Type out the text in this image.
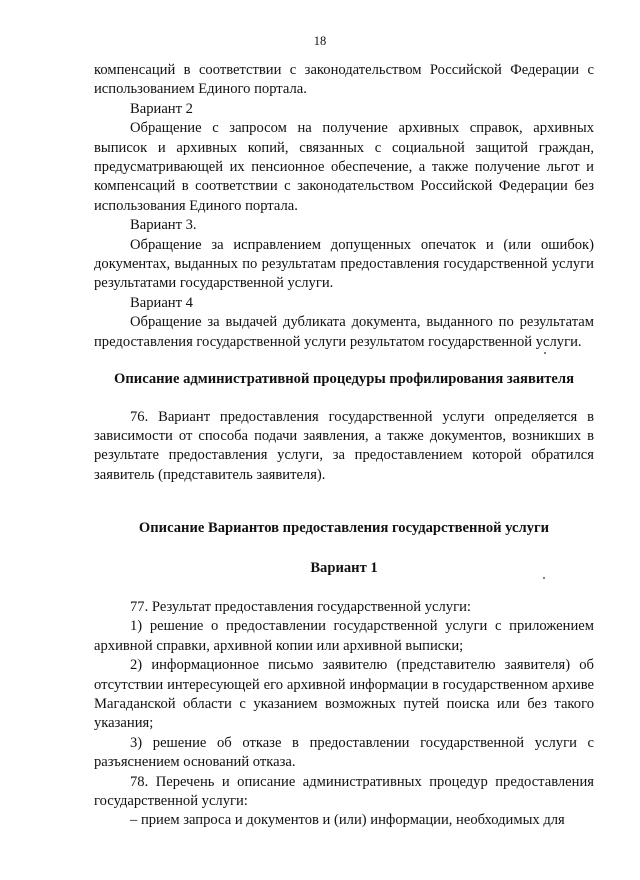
18

компенсаций в соответствии с законодательством Российской Федерации с использованием Единого портала.

Вариант 2

Обращение с запросом на получение архивных справок, архивных выписок и архивных копий, связанных с социальной защитой граждан, предусматривающей их пенсионное обеспечение, а также получение льгот и компенсаций в соответствии с законодательством Российской Федерации без использования Единого портала.

Вариант 3.

Обращение за исправлением допущенных опечаток и (или ошибок) документах, выданных по результатам предоставления государственной услуги результатами государственной услуги.

Вариант 4

Обращение за выдачей дубликата документа, выданного по результатам предоставления государственной услуги результатом государственной услуги.

Описание административной процедуры профилирования заявителя

76. Вариант предоставления государственной услуги определяется в зависимости от способа подачи заявления, а также документов, возникших в результате предоставления услуги, за предоставлением которой обратился заявитель (представитель заявителя).

Описание Вариантов предоставления государственной услуги

Вариант 1

77. Результат предоставления государственной услуги:

1) решение о предоставлении государственной услуги с приложением архивной справки, архивной копии или архивной выписки;

2) информационное письмо заявителю (представителю заявителя) об отсутствии интересующей его архивной информации в государственном архиве Магаданской области с указанием возможных путей поиска или без такого указания;

3) решение об отказе в предоставлении государственной услуги с разъяснением оснований отказа.

78. Перечень и описание административных процедур предоставления государственной услуги:

– прием запроса и документов и (или) информации, необходимых для
